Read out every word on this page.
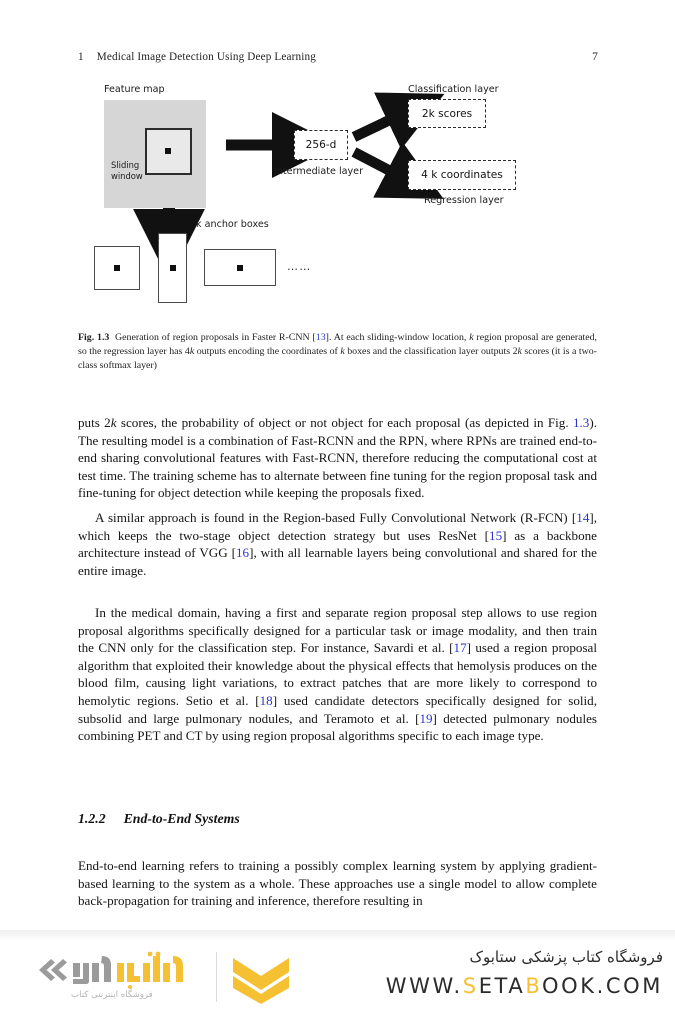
1 Medical Image Detection Using Deep Learning	7
Feature map
Sliding
window
256-d
Intermediate layer
Classification layer
2k scores
4 k coordinates
Regression layer
k anchor boxes
……
Fig. 1.3 Generation of region proposals in Faster R-CNN [13]. At each sliding-window location, k region proposal are generated, so the regression layer has 4k outputs encoding the coordinates of k boxes and the classification layer outputs 2k scores (it is a two-class softmax layer)

puts 2k scores, the probability of object or not object for each proposal (as depicted in Fig. 1.3). The resulting model is a combination of Fast-RCNN and the RPN, where RPNs are trained end-to-end sharing convolutional features with Fast-RCNN, therefore reducing the computational cost at test time. The training scheme has to alternate between fine tuning for the region proposal task and fine-tuning for object detection while keeping the proposals fixed.

A similar approach is found in the Region-based Fully Convolutional Network (R-FCN) [14], which keeps the two-stage object detection strategy but uses ResNet [15] as a backbone architecture instead of VGG [16], with all learnable layers being convolutional and shared for the entire image.

In the medical domain, having a first and separate region proposal step allows to use region proposal algorithms specifically designed for a particular task or image modality, and then train the CNN only for the classification step. For instance, Savardi et al. [17] used a region proposal algorithm that exploited their knowledge about the physical effects that hemolysis produces on the blood film, causing light variations, to extract patches that are more likely to correspond to hemolytic regions. Setio et al. [18] used candidate detectors specifically designed for solid, subsolid and large pulmonary nodules, and Teramoto et al. [19] detected pulmonary nodules combining PET and CT by using region proposal algorithms specific to each image type.

1.2.2 End-to-End Systems

End-to-end learning refers to training a possibly complex learning system by applying gradient-based learning to the system as a whole. These approaches use a single model to allow complete back-propagation for training and inference, therefore resulting in

فروشگاه اینترنتی کتاب
فروشگاه کتاب پزشکی ستابوک
WWW.SETABOOK.COM
